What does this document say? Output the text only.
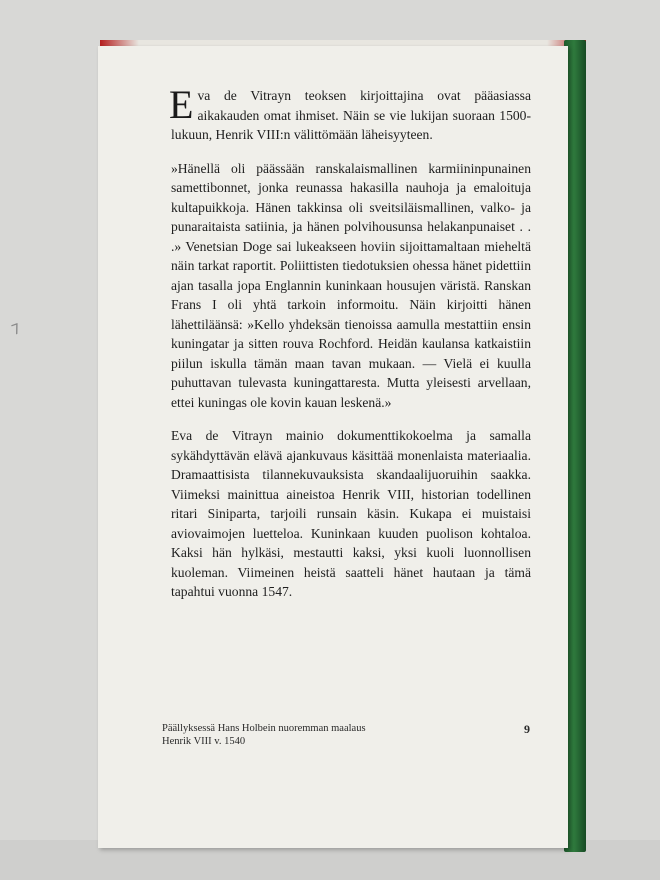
7

Eva de Vitrayn teoksen kirjoittajina ovat pääasiassa aikakauden omat ihmiset. Näin se vie lukijan suoraan 1500-lukuun, Henrik VIII:n välittömään läheisyyteen.

»Hänellä oli päässään ranskalaismallinen karmiininpunainen samettibonnet, jonka reunassa hakasilla nauhoja ja emaloituja kultapuikkoja. Hänen takkinsa oli sveitsiläismallinen, valko- ja punaraitaista satiinia, ja hänen polvihousunsa helakanpunaiset . . .» Venetsian Doge sai lukeakseen hoviin sijoittamaltaan mieheltä näin tarkat raportit. Poliittisten tiedotuksien ohessa hänet pidettiin ajan tasalla jopa Englannin kuninkaan housujen väristä. Ranskan Frans I oli yhtä tarkoin informoitu. Näin kirjoitti hänen lähettiläänsä: »Kello yhdeksän tienoissa aamulla mestattiin ensin kuningatar ja sitten rouva Rochford. Heidän kaulansa katkaistiin piilun iskulla tämän maan tavan mukaan. — Vielä ei kuulla puhuttavan tulevasta kuningattaresta. Mutta yleisesti arvellaan, ettei kuningas ole kovin kauan leskenä.»

Eva de Vitrayn mainio dokumenttikokoelma ja samalla sykähdyttävän elävä ajankuvaus käsittää monenlaista materiaalia. Dramaattisista tilannekuvauksista skandaalijuoruihin saakka. Viimeksi mainittua aineistoa Henrik VIII, historian todellinen ritari Siniparta, tarjoili runsain käsin. Kukapa ei muistaisi aviovaimojen luetteloa. Kuninkaan kuuden puolison kohtaloa. Kaksi hän hylkäsi, mestautti kaksi, yksi kuoli luonnollisen kuoleman. Viimeinen heistä saatteli hänet hautaan ja tämä tapahtui vuonna 1547.

Päällyksessä Hans Holbein nuoremman maalaus
Henrik VIII v. 1540
9
